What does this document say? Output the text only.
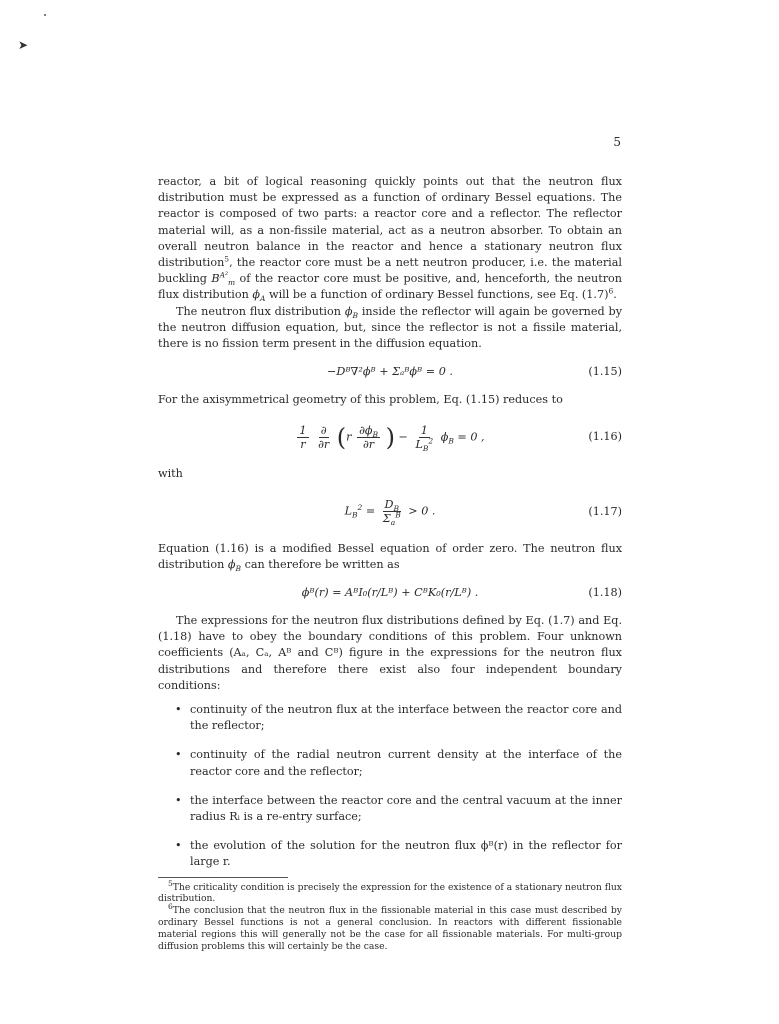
➤
5

reactor, a bit of logical reasoning quickly points out that the neutron flux distribution must be expressed as a function of ordinary Bessel equations. The reactor is composed of two parts: a reactor core and a reflector. The reflector material will, as a non-fissile material, act as a neutron absorber. To obtain an overall neutron balance in the reactor and hence a stationary neutron flux distribution$^5$, the reactor core must be a nett neutron producer, i.e. the material buckling $B^{A^2}_m$ of the reactor core must be positive, and, henceforth, the neutron flux distribution $\phi_A$ will be a function of ordinary Bessel functions, see Eq. $(1.7)^6$.

The neutron flux distribution $\phi_B$ inside the reflector will again be governed by the neutron diffusion equation, but, since the reflector is not a fissile material, there is no fission term present in the diffusion equation.

−Dᴮ∇²ϕᴮ + Σₐᴮϕᴮ = 0 .	(1.15)

For the axisymmetrical geometry of this problem, Eq. (1.15) reduces to

$\frac{1}{r}$
$\frac{\partial}{\partial r} (r \frac{\partial\phi_B}{\partial r}$ ) − $\frac{1}{L_B^2} \phi_B = 0$ ,	(1.16)

with

$L_B^2 = \frac{D_B}{\Sigma_a^B} > 0$ .	(1.17)

Equation (1.16) is a modified Bessel equation of order zero. The neutron flux distribution $\phi_B$ can therefore be written as

ϕᴮ(r) = AᴮI₀(r/Lᴮ) + CᴮK₀(r/Lᴮ) .	(1.18)

The expressions for the neutron flux distributions defined by Eq. (1.7) and Eq. (1.18) have to obey the boundary conditions of this problem. Four unknown coefficients (Aₐ, Cₐ, Aᴮ and Cᴮ) figure in the expressions for the neutron flux distributions and therefore there exist also four independent boundary conditions:

• continuity of the neutron flux at the interface between the reactor core and the reflector;
• continuity of the radial neutron current density at the interface of the reactor core and the reflector;
• the interface between the reactor core and the central vacuum at the inner radius Rᵢ is a re-entry surface;
• the evolution of the solution for the neutron flux ϕᴮ(r) in the reflector for large r.

$^5$The criticality condition is precisely the expression for the existence of a stationary neutron flux distribution.

$^6$The conclusion that the neutron flux in the fissionable material in this case must described by ordinary Bessel functions is not a general conclusion. In reactors with different fissionable material regions this will generally not be the case for all fissionable materials. For multi-group diffusion problems this will certainly be the case.
